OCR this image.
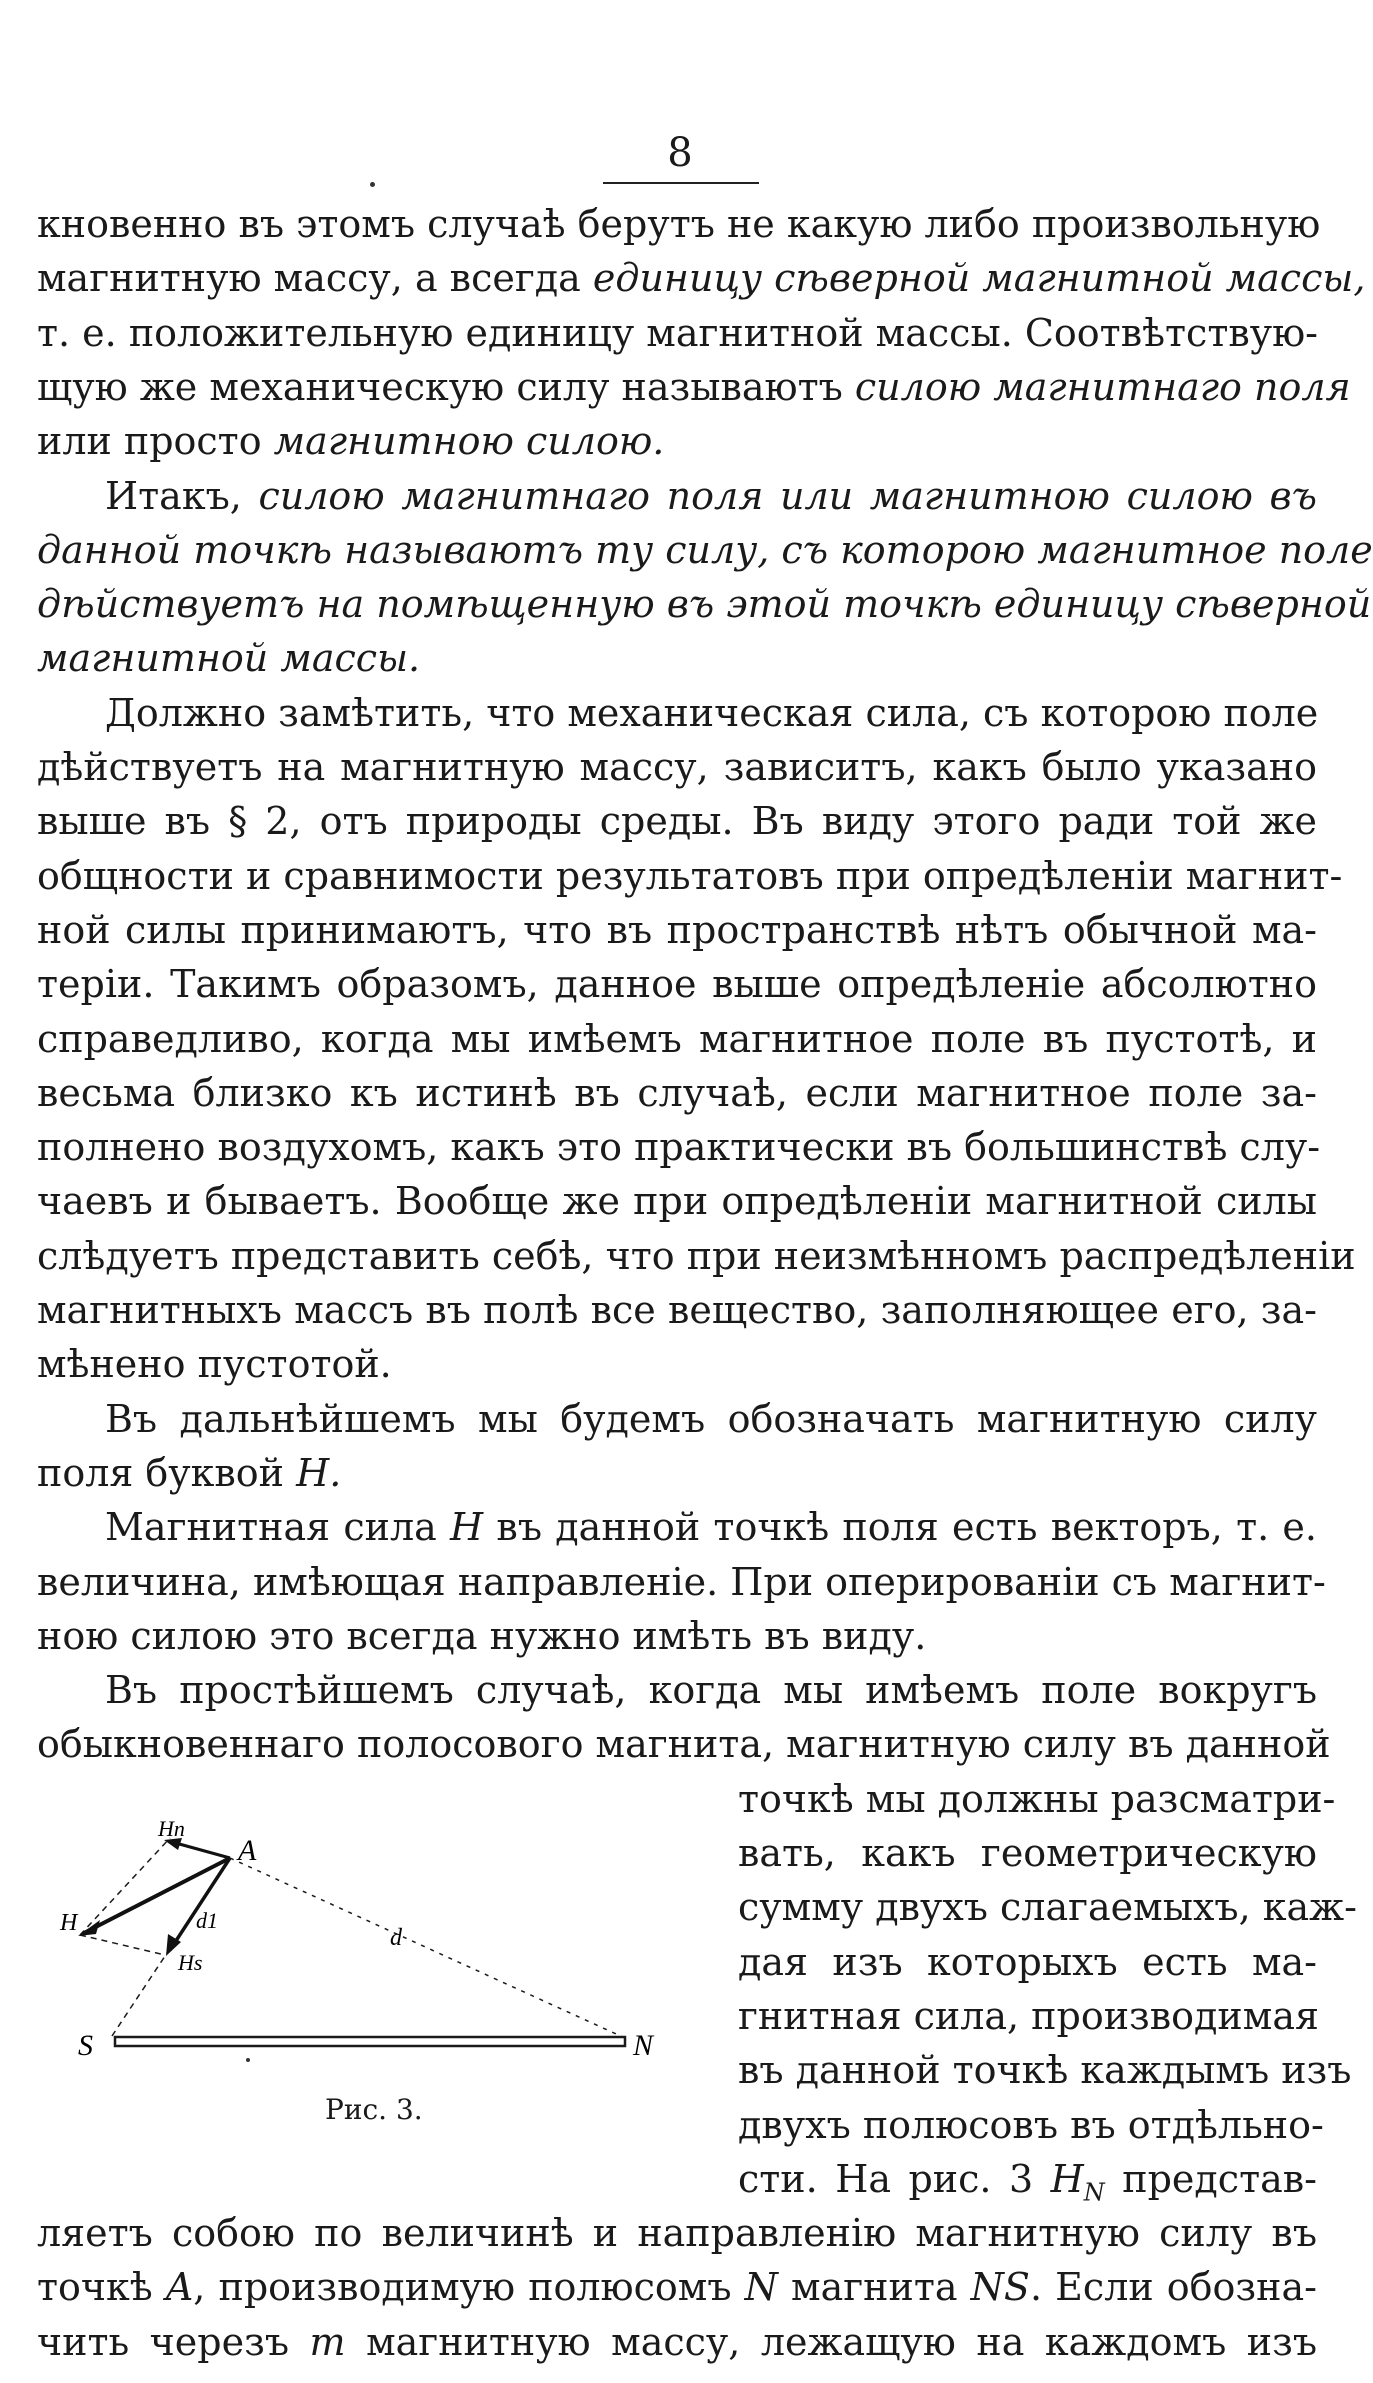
8
кновенно въ этомъ случаѣ берутъ не какую либо произвольную
магнитную массу, а всегда единицу сѣверной магнитной массы,
т. е. положительную единицу магнитной массы. Соотвѣтствую-
щую же механическую силу называютъ силою магнитнаго поля
или просто магнитною силою.
Итакъ, силою магнитнаго поля или магнитною силою въ
данной точкѣ называютъ ту силу, съ которою магнитное поле
дѣйствуетъ на помѣщенную въ этой точкѣ единицу сѣверной
магнитной массы.
Должно замѣтить, что механическая сила, съ которою поле
дѣйствуетъ на магнитную массу, зависитъ, какъ было указано
выше въ § 2, отъ природы среды. Въ виду этого ради той же
общности и сравнимости результатовъ при опредѣленіи магнит-
ной силы принимаютъ, что въ пространствѣ нѣтъ обычной ма-
теріи. Такимъ образомъ, данное выше опредѣленіе абсолютно
справедливо, когда мы имѣемъ магнитное поле въ пустотѣ, и
весьма близко къ истинѣ въ случаѣ, если магнитное поле за-
полнено воздухомъ, какъ это практически въ большинствѣ слу-
чаевъ и бываетъ. Вообще же при опредѣленіи магнитной силы
слѣдуетъ представить себѣ, что при неизмѣнномъ распредѣленіи
магнитныхъ массъ въ полѣ все вещество, заполняющее его, за-
мѣнено пустотой.
Въ дальнѣйшемъ мы будемъ обозначать магнитную силу
поля буквой H.
Магнитная сила H въ данной точкѣ поля есть векторъ, т. е.
величина, имѣющая направленіе. При оперированіи съ магнит-
ною силою это всегда нужно имѣть въ виду.
Въ простѣйшемъ случаѣ, когда мы имѣемъ поле вокругъ
обыкновеннаго полосового магнита, магнитную силу въ данной
точкѣ мы должны разсматри-
вать, какъ геометрическую
сумму двухъ слагаемыхъ, каж-
дая изъ которыхъ есть ма-
гнитная сила, производимая
въ данной точкѣ каждымъ изъ
двухъ полюсовъ въ отдѣльно-
сти. На рис. 3 $H_N$ представ-
ляетъ собою по величинѣ и направленію магнитную силу въ
точкѣ A, производимую полюсомъ N магнита NS. Если обозна-
чить черезъ m магнитную массу, лежащую на каждомъ изъ
A
S	N
H
Hn
Hs
d
d1
Рис. 3.
